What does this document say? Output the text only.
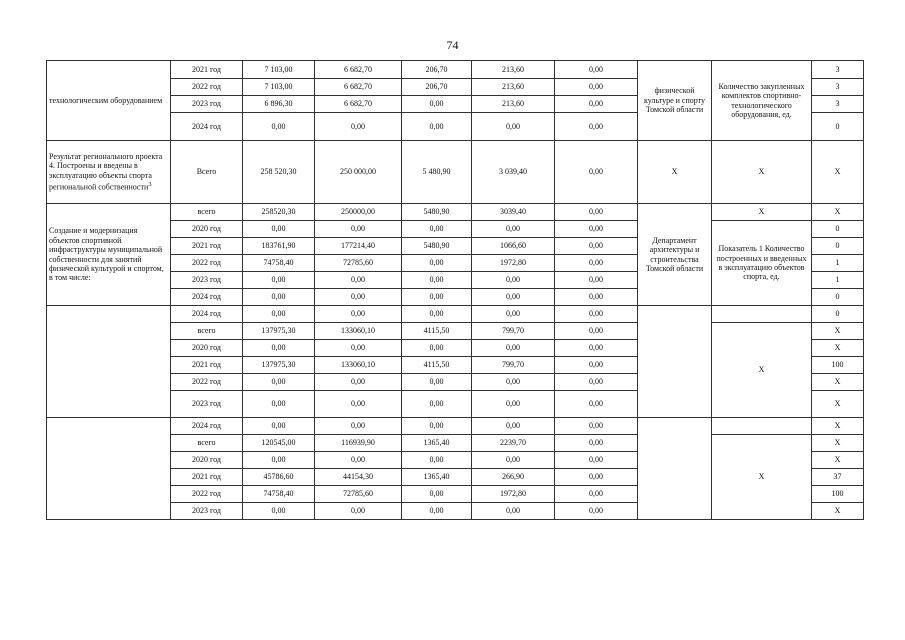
74
технологическим оборудованием	2021 год	7 103,00	6 682,70	206,70	213,60	0,00	физической культуре и спорту Томской области	Количество закупленных комплектов спортивно-технологического оборудования, ед.	3
	2022 год	7 103,00	6 682,70	206,70	213,60	0,00			3
	2023 год	6 896,30	6 682,70	0,00	213,60	0,00			3
	2024 год	0,00	0,00	0,00	0,00	0,00			0
Результат регионального проекта 4. Построены и введены в эксплуатацию объекты спорта региональной собственности$^3$	Всего	258 520,30	250 000,00	5 480,90	3 039,40	0,00	X	X	X
Создание и модернизация объектов спортивной инфраструктуры муниципальной собственности для занятий физической культурой и спортом, в том числе:	всего	258520,30	250000,00	5480,90	3039,40	0,00	Департамент архитектуры и строительства Томской области	X	X
	2020 год	0,00	0,00	0,00	0,00	0,00		Показатель 1 Количество построенных и введенных в эксплуатацию объектов спорта, ед.	0
	2021 год	183761,90	177214,40	5480,90	1066,60	0,00			0
	2022 год	74758,40	72785,60	0,00	1972,80	0,00			1
	2023 год	0,00	0,00	0,00	0,00	0,00			1
	2024 год	0,00	0,00	0,00	0,00	0,00			0
	2024 год	0,00	0,00	0,00	0,00	0,00			0
	всего	137975,30	133060,10	4115,50	799,70	0,00		X	X
	2020 год	0,00	0,00	0,00	0,00	0,00			X
	2021 год	137975,30	133060,10	4115,50	799,70	0,00			100
	2022 год	0,00	0,00	0,00	0,00	0,00			X
	2023 год	0,00	0,00	0,00	0,00	0,00			X
	2024 год	0,00	0,00	0,00	0,00	0,00			X
	всего	120545,00	116939,90	1365,40	2239,70	0,00		X	X
	2020 год	0,00	0,00	0,00	0,00	0,00			X
	2021 год	45786,60	44154,30	1365,40	266,90	0,00			37
	2022 год	74758,40	72785,60	0,00	1972,80	0,00			100
	2023 год	0,00	0,00	0,00	0,00	0,00			X
